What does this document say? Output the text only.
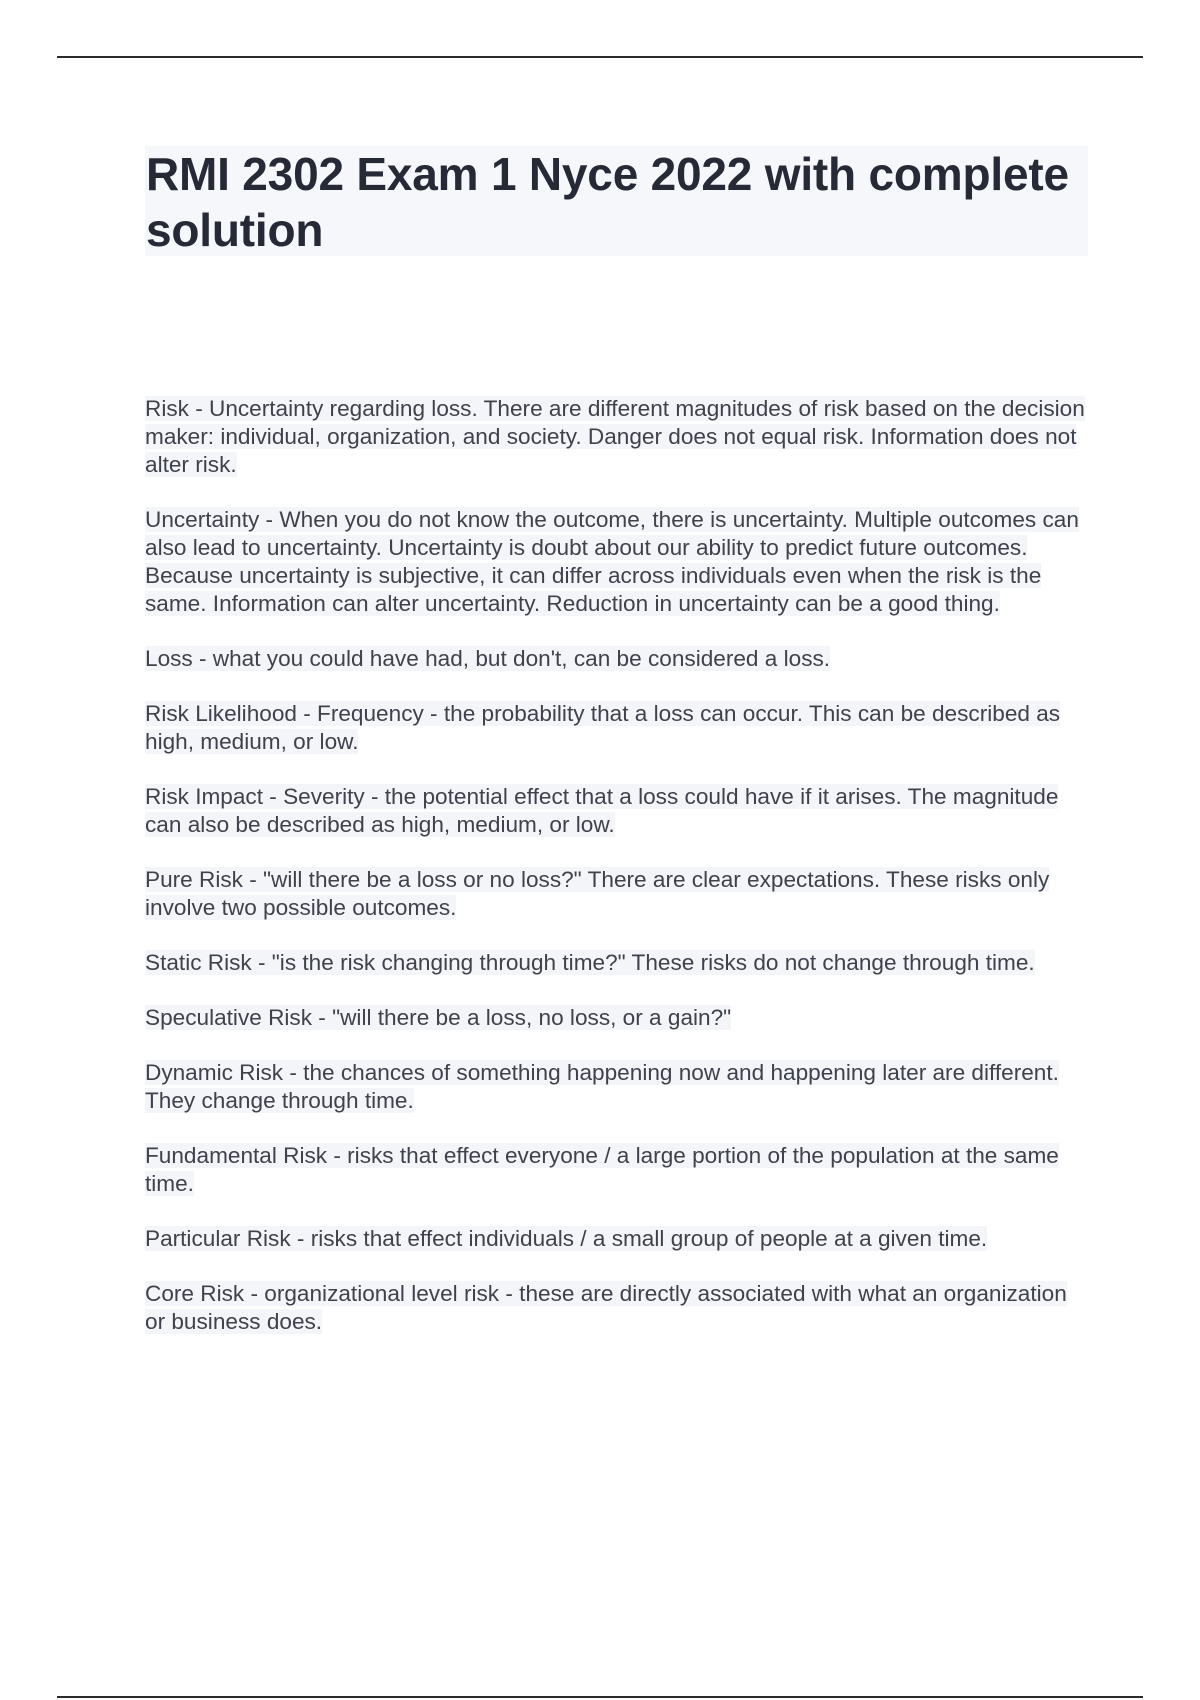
RMI 2302 Exam 1 Nyce 2022 with complete solution

Risk - Uncertainty regarding loss. There are different magnitudes of risk based on the decision maker: individual, organization, and society. Danger does not equal risk. Information does not alter risk.

Uncertainty - When you do not know the outcome, there is uncertainty. Multiple outcomes can also lead to uncertainty. Uncertainty is doubt about our ability to predict future outcomes. Because uncertainty is subjective, it can differ across individuals even when the risk is the same. Information can alter uncertainty. Reduction in uncertainty can be a good thing.

Loss - what you could have had, but don't, can be considered a loss.

Risk Likelihood - Frequency - the probability that a loss can occur. This can be described as high, medium, or low.

Risk Impact - Severity - the potential effect that a loss could have if it arises. The magnitude can also be described as high, medium, or low.

Pure Risk - "will there be a loss or no loss?" There are clear expectations. These risks only involve two possible outcomes.

Static Risk - "is the risk changing through time?" These risks do not change through time.

Speculative Risk - "will there be a loss, no loss, or a gain?"

Dynamic Risk - the chances of something happening now and happening later are different. They change through time.

Fundamental Risk - risks that effect everyone / a large portion of the population at the same time.

Particular Risk - risks that effect individuals / a small group of people at a given time.

Core Risk - organizational level risk - these are directly associated with what an organization or business does.
